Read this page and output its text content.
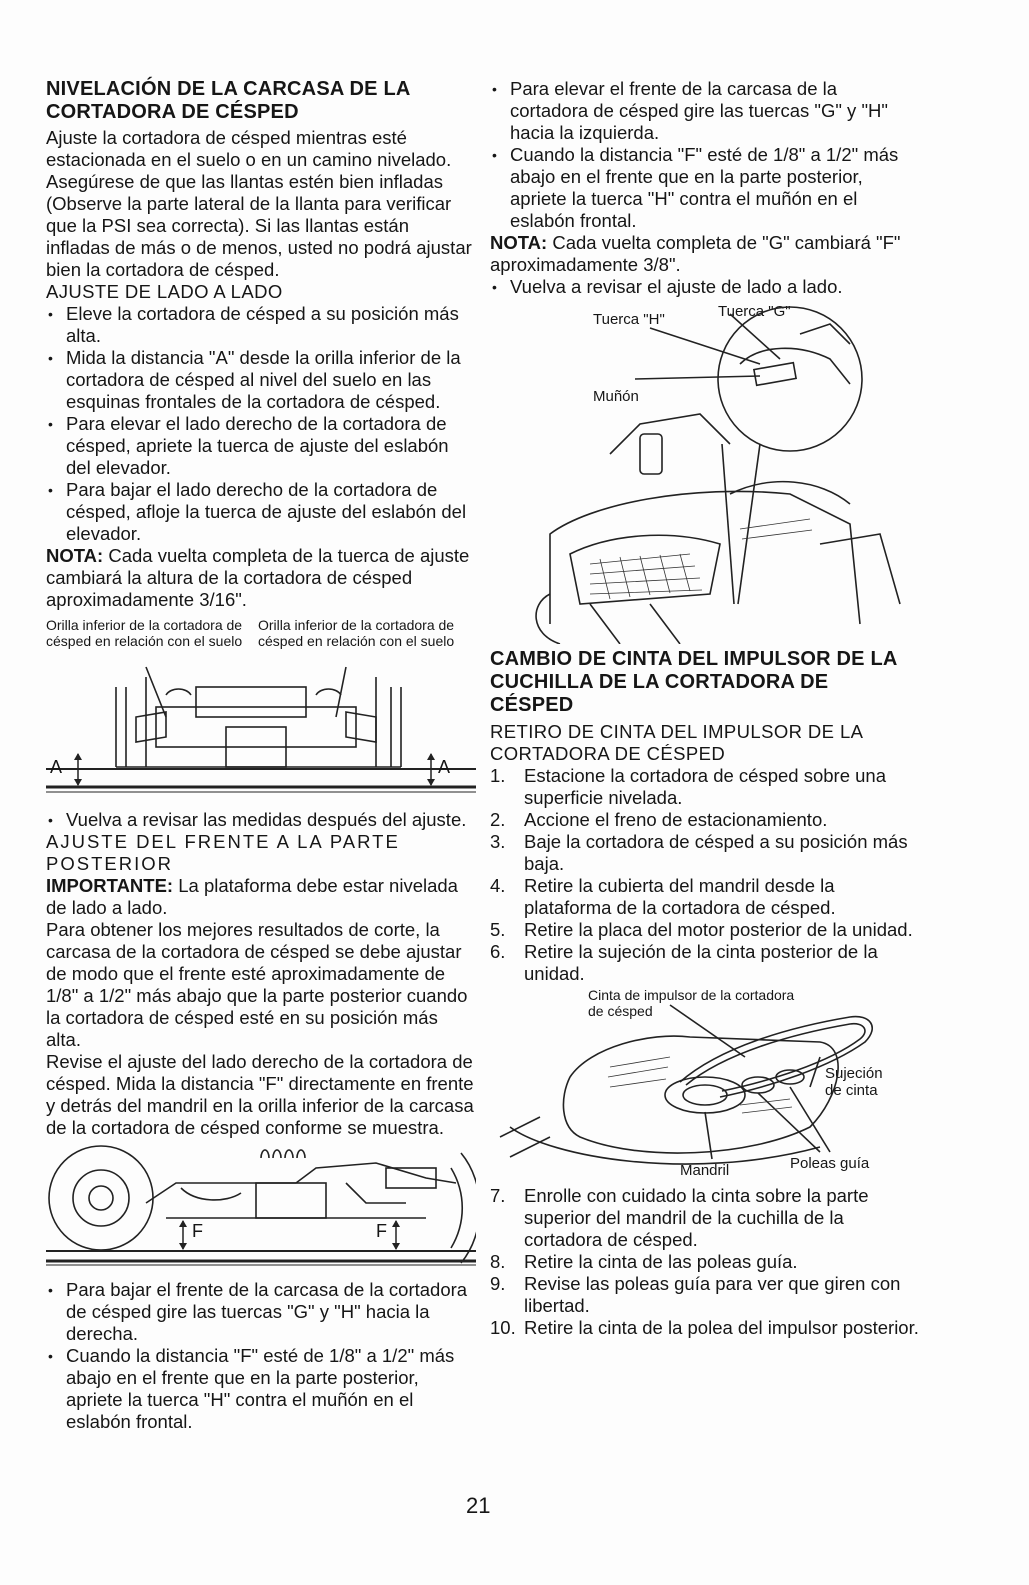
NIVELACIÓN DE LA CARCASA DE LA CORTADORA DE CÉSPED

Ajuste la cortadora de césped mientras esté estacionada en el suelo o en un camino nivelado. Asegúrese de que las llantas estén bien infladas (Observe la parte lateral de la llanta para verificar que la PSI sea correcta). Si las llantas están infladas de más o de menos, usted no podrá ajustar bien la cortadora de césped.

AJUSTE DE LADO A LADO
• Eleve la cortadora de césped a su posición más alta.
• Mida la distancia "A" desde la orilla inferior de la cortadora de césped al nivel del suelo en las esquinas frontales de la cortadora de césped.
• Para elevar el lado derecho de la cortadora de césped, apriete la tuerca de ajuste del eslabón del elevador.
• Para bajar el lado derecho de la cortadora de césped, afloje la tuerca de ajuste del eslabón del elevador.

NOTA: Cada vuelta completa de la tuerca de ajuste cambiará la altura de la cortadora de césped aproximadamente 3/16".

Orilla inferior de la cortadora de césped en relación con el suelo
Orilla inferior de la cortadora de césped en relación con el suelo
A	A
• Vuelva a revisar las medidas después del ajuste.
AJUSTE DEL FRENTE A LA PARTE POSTERIOR

IMPORTANTE: La plataforma debe estar nivelada de lado a lado.

Para obtener los mejores resultados de corte, la carcasa de la cortadora de césped se debe ajustar de modo que el frente esté aproximadamente de 1/8" a 1/2" más abajo que la parte posterior cuando la cortadora de césped esté en su posición más alta.

Revise el ajuste del lado derecho de la cortadora de césped. Mida la distancia "F" directamente en frente y detrás del mandril en la orilla inferior de la carcasa de la cortadora de césped conforme se muestra.

F	F
• Para bajar el frente de la carcasa de la cortadora de césped gire las tuercas "G" y "H" hacia la derecha.
• Cuando la distancia "F" esté de 1/8" a 1/2" más abajo en el frente que en la parte posterior, apriete la tuerca "H" contra el muñón en el eslabón frontal.
• Para elevar el frente de la carcasa de la cortadora de césped gire las tuercas "G" y "H" hacia la izquierda.
• Cuando la distancia "F" esté de 1/8" a 1/2" más abajo en el frente que en la parte posterior, apriete la tuerca "H" contra el muñón en el eslabón frontal.

NOTA: Cada vuelta completa de "G" cambiará "F" aproximadamente 3/8".

• Vuelva a revisar el ajuste de lado a lado.
Tuerca "H"	Tuerca "G"
Muñón
CAMBIO DE CINTA DEL IMPULSOR DE LA CUCHILLA DE LA CORTADORA DE CÉSPED
RETIRO DE CINTA DEL IMPULSOR DE LA CORTADORA DE CÉSPED
1. Estacione la cortadora de césped sobre una superficie nivelada.
2. Accione el freno de estacionamiento.
3. Baje la cortadora de césped a su posición más baja.
4. Retire la cubierta del mandril desde la plataforma de la cortadora de césped.
5. Retire la placa del motor posterior de la unidad.
6. Retire la sujeción de la cinta posterior de la unidad.
Cinta de impulsor de la cortadora de césped
Sujeción de cinta
Mandril	Poleas guía
7. Enrolle con cuidado la cinta sobre la parte superior del mandril de la cuchilla de la cortadora de césped.
8. Retire la cinta de las poleas guía.
9. Revise las poleas guía para ver que giren con libertad.
10. Retire la cinta de la polea del impulsor posterior.
21
